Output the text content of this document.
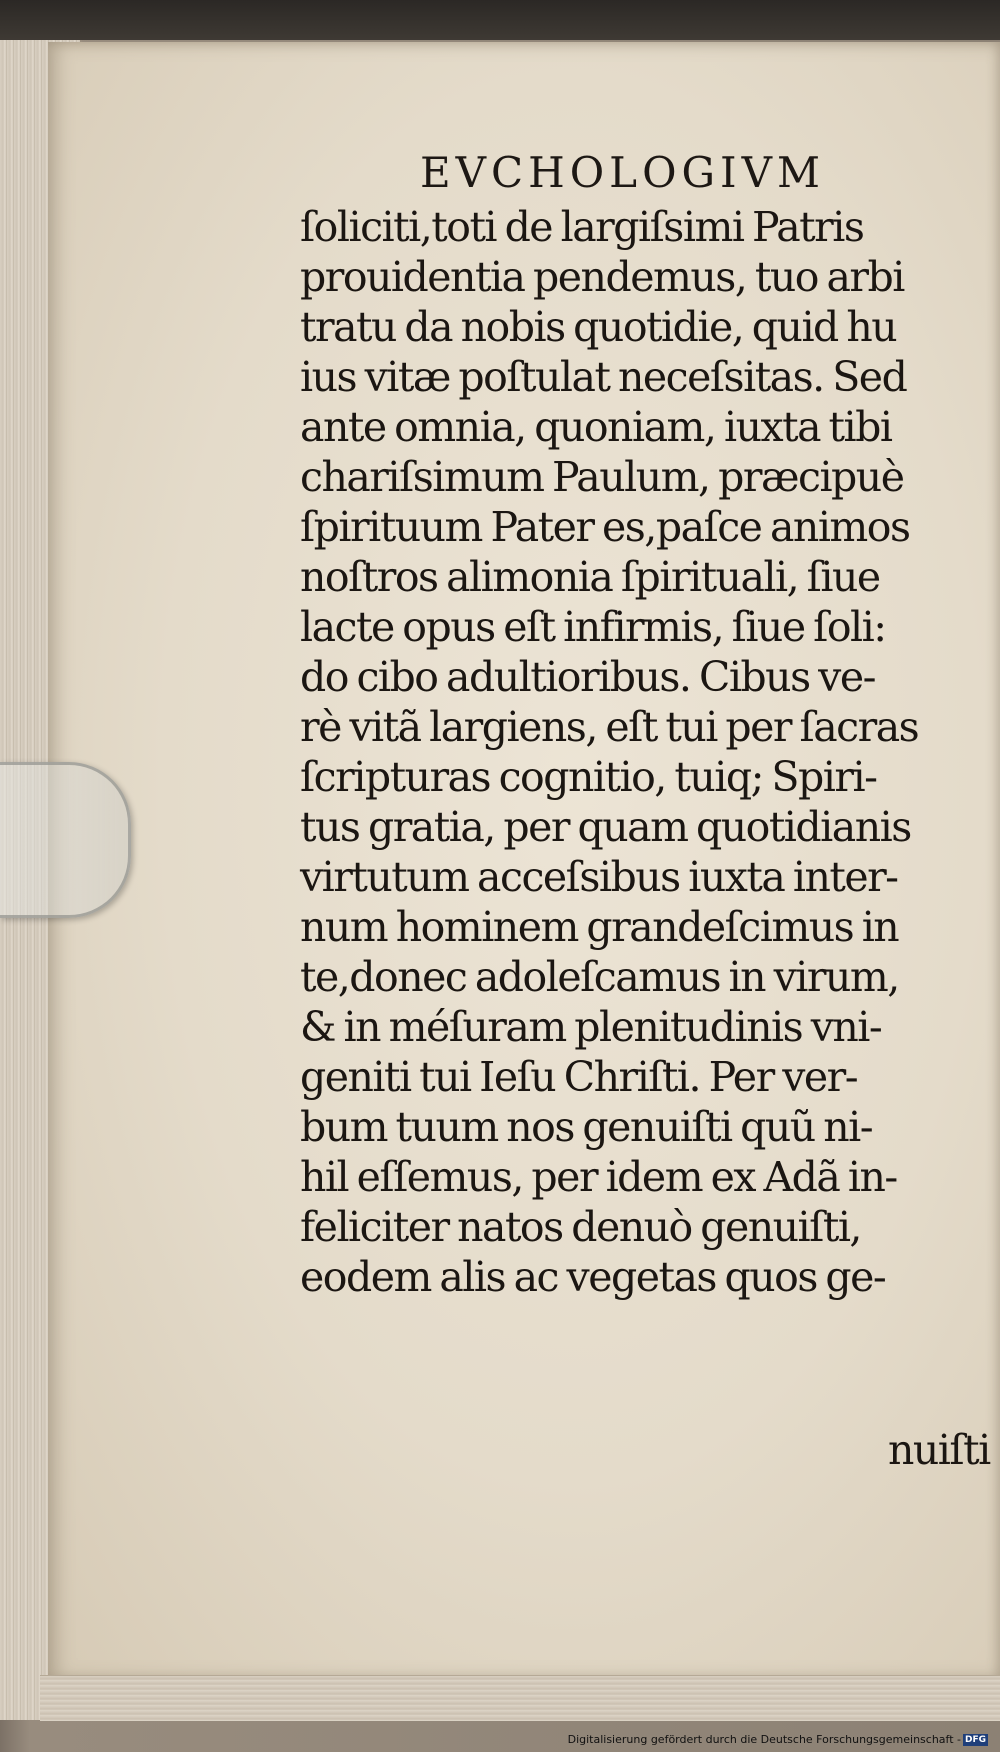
EVCHOLOGIVM
ſoliciti,toti de largiſsimi Patris
prouidentia pendemus, tuo arbi
tratu da nobis quotidie, quid hu
ius vitæ poſtulat neceſsitas. Sed
ante omnia, quoniam, iuxta tibi
chariſsimum Paulum, præcipuè
ſpirituum Pater es,paſce animos
noſtros alimonia ſpirituali, ſiue
lacte opus eſt infirmis, ſiue ſoli:
do cibo adultioribus. Cibus ve-
rè vitã largiens, eſt tui per ſacras
ſcripturas cognitio, tuiq; Spiri-
tus gratia, per quam quotidianis
virtutum acceſsibus iuxta inter-
num hominem grandeſcimus in
te,donec adoleſcamus in virum,
& in méſuram plenitudinis vni-
geniti tui Ieſu Chriſti. Per ver-
bum tuum nos genuiſti quũ ni-
hil eſſemus, per idem ex Adã in-
feliciter natos denuò genuiſti,
eodem alis ac vegetas quos ge-
nuiſti
Digitalisierung gefördert durch die Deutsche Forschungsgemeinschaft - DFG
